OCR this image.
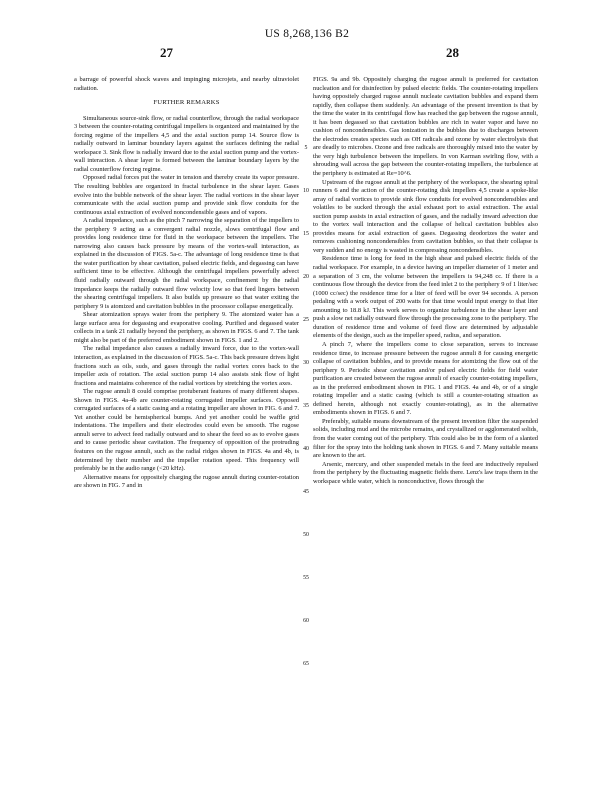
US 8,268,136 B2
27	28

a barrage of powerful shock waves and impinging microjets, and nearby ultraviolet radiation.

FURTHER REMARKS

Simultaneous source-sink flow, or radial counterflow, through the radial workspace 3 between the counter-rotating centrifugal impellers is organized and maintained by the forcing regime of the impellers 4,5 and the axial suction pump 14. Source flow is radially outward in laminar boundary layers against the surfaces defining the radial workspace 3. Sink flow is radially inward due to the axial suction pump and the vortex-wall interaction. A shear layer is formed between the laminar boundary layers by the radial counterflow forcing regime.

Opposed radial forces put the water in tension and thereby create its vapor pressure. The resulting bubbles are organized in fractal turbulence in the shear layer. Gases evolve into the bubble network of the shear layer. The radial vortices in the shear layer communicate with the axial suction pump and provide sink flow conduits for the continuous axial extraction of evolved noncondensible gases and of vapors.

A radial impedance, such as the pinch 7 narrowing the separation of the impellers to the periphery 9 acting as a convergent radial nozzle, slows centrifugal flow and provides long residence time for fluid in the workspace between the impellers. The narrowing also causes back pressure by means of the vortex-wall interaction, as explained in the discussion of FIGS. 5a-c. The advantage of long residence time is that the water purification by shear cavitation, pulsed electric fields, and degassing can have sufficient time to be effective. Although the centrifugal impellers powerfully advect fluid radially outward through the radial workspace, confinement by the radial impedance keeps the radially outward flow velocity low so that feed lingers between the shearing centrifugal impellers. It also builds up pressure so that water exiting the periphery 9 is atomized and cavitation bubbles in the processor collapse energetically.

Shear atomization sprays water from the periphery 9. The atomized water has a large surface area for degassing and evaporative cooling. Purified and degassed water collects in a tank 21 radially beyond the periphery, as shown in FIGS. 6 and 7. The tank might also be part of the preferred embodiment shown in FIGS. 1 and 2.

The radial impedance also causes a radially inward force, due to the vortex-wall interaction, as explained in the discussion of FIGS. 5a-c. This back pressure drives light fractions such as oils, suds, and gases through the radial vortex cores back to the impeller axis of rotation. The axial suction pump 14 also assists sink flow of light fractions and maintains coherence of the radial vortices by stretching the vortex axes.

The rugose annuli 8 could comprise protuberant features of many different shapes. Shown in FIGS. 4a-4b are counter-rotating corrugated impeller surfaces. Opposed corrugated surfaces of a static casing and a rotating impeller are shown in FIG. 6 and 7. Yet another could be hemispherical bumps. And yet another could be waffle grid indentations. The impellers and their electrodes could even be smooth. The rugose annuli serve to advect feed radially outward and to shear the feed so as to evolve gases and to cause periodic shear cavitation. The frequency of opposition of the protruding features on the rugose annuli, such as the radial ridges shown in FIGS. 4a and 4b, is determined by their number and the impeller rotation speed. This frequency will preferably be in the audio range (<20 kHz).

Alternative means for oppositely charging the rugose annuli during counter-rotation are shown in FIG. 7 and in

5
10
15
20
25
30
35
40
45
50
55
60
65

FIGS. 9a and 9b. Oppositely charging the rugose annuli is preferred for cavitation nucleation and for disinfection by pulsed electric fields. The counter-rotating impellers having oppositely charged rugose annuli nucleate cavitation bubbles and expand them rapidly, then collapse them suddenly. An advantage of the present invention is that by the time the water in its centrifugal flow has reached the gap between the rugose annuli, it has been degassed so that cavitation bubbles are rich in water vapor and have no cushion of noncondensibles. Gas ionization in the bubbles due to discharges between the electrodes creates species such as OH radicals and ozone by water electrolysis that are deadly to microbes. Ozone and free radicals are thoroughly mixed into the water by the very high turbulence between the impellers. In von Karman swirling flow, with a shrouding wall across the gap between the counter-rotating impellers, the turbulence at the periphery is estimated at Re=10^6.

Upstream of the rugose annuli at the periphery of the workspace, the shearing spiral runners 6 and the action of the counter-rotating disk impellers 4,5 create a spoke-like array of radial vortices to provide sink flow conduits for evolved noncondensibles and volatiles to be sucked through the axial exhaust port to axial extraction. The axial suction pump assists in axial extraction of gases, and the radially inward advection due to the vortex wall interaction and the collapse of helical cavitation bubbles also provides means for axial extraction of gases. Degassing deodorizes the water and removes cushioning noncondensibles from cavitation bubbles, so that their collapse is very sudden and no energy is wasted in compressing noncondensibles.

Residence time is long for feed in the high shear and pulsed electric fields of the radial workspace. For example, in a device having an impeller diameter of 1 meter and a separation of 3 cm, the volume between the impellers is 94,248 cc. If there is a continuous flow through the device from the feed inlet 2 to the periphery 9 of 1 liter/sec (1000 cc/sec) the residence time for a liter of feed will be over 94 seconds. A person pedaling with a work output of 200 watts for that time would input energy to that liter amounting to 18.8 kJ. This work serves to organize turbulence in the shear layer and push a slow net radially outward flow through the processing zone to the periphery. The duration of residence time and volume of feed flow are determined by adjustable elements of the design, such as the impeller speed, radius, and separation.

A pinch 7, where the impellers come to close separation, serves to increase residence time, to increase pressure between the rugose annuli 8 for causing energetic collapse of cavitation bubbles, and to provide means for atomizing the flow out of the periphery 9. Periodic shear cavitation and/or pulsed electric fields for field water purification are created between the rugose annuli of exactly counter-rotating impellers, as in the preferred embodiment shown in FIG. 1 and FIGS. 4a and 4b, or of a single rotating impeller and a static casing (which is still a counter-rotating situation as defined herein, although not exactly counter-rotating), as in the alternative embodiments shown in FIGS. 6 and 7.

Preferably, suitable means downstream of the present invention filter the suspended solids, including mud and the microbe remains, and crystallized or agglomerated solids, from the water coming out of the periphery. This could also be in the form of a slanted filter for the spray into the holding tank shown in FIGS. 6 and 7. Many suitable means are known to the art.

Arsenic, mercury, and other suspended metals in the feed are inductively repulsed from the periphery by the fluctuating magnetic fields there. Lenz's law traps them in the workspace while water, which is nonconductive, flows through the
